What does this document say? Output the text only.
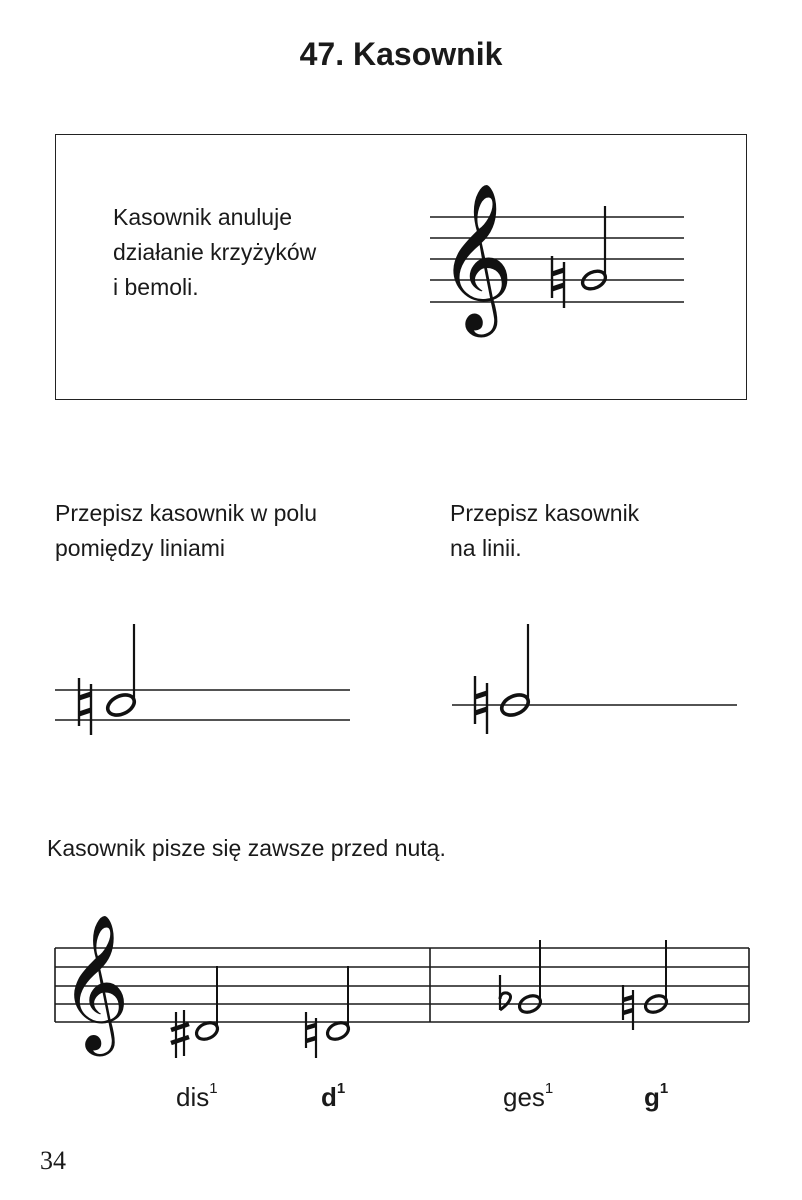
47. Kasownik
Kasownik anuluje
działanie krzyżyków
i bemoli.	𝄞
Przepisz kasownik w polu
pomiędzy liniami
Przepisz kasownik
na linii.
Kasownik pisze się zawsze przed nutą.
𝄞
dis$^1$	$d^1$	ges$^1$	$g^1$
34
